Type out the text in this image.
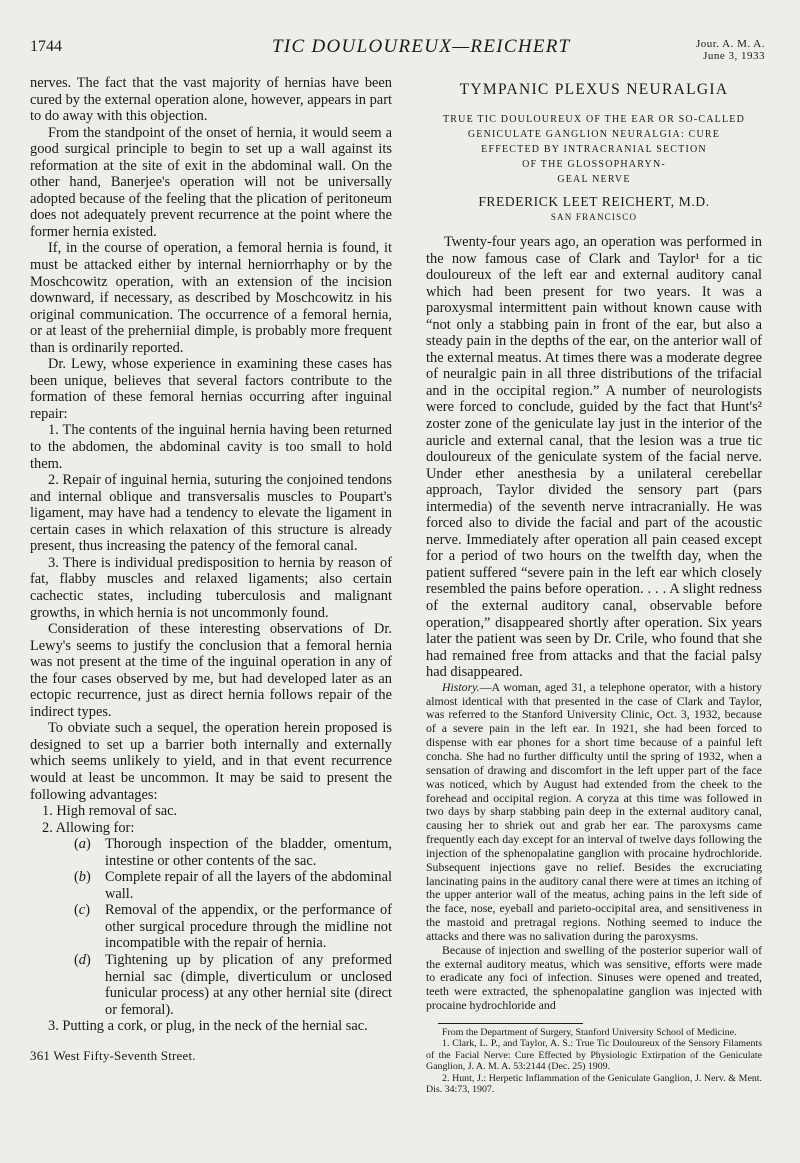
1744	TIC DOULOUREUX—REICHERT	Jour. A. M. A.
June 3, 1933

nerves. The fact that the vast majority of hernias have been cured by the external operation alone, however, appears in part to do away with this objection.

From the standpoint of the onset of hernia, it would seem a good surgical principle to begin to set up a wall against its reformation at the site of exit in the abdominal wall. On the other hand, Banerjee's operation will not be universally adopted because of the feeling that the plication of peritoneum does not adequately prevent recurrence at the point where the former hernia existed.

If, in the course of operation, a femoral hernia is found, it must be attacked either by internal herniorrhaphy or by the Moschcowitz operation, with an extension of the incision downward, if necessary, as described by Moschcowitz in his original communication. The occurrence of a femoral hernia, or at least of the preherniial dimple, is probably more frequent than is ordinarily reported.

Dr. Lewy, whose experience in examining these cases has been unique, believes that several factors contribute to the formation of these femoral hernias occurring after inguinal repair:

1. The contents of the inguinal hernia having been returned to the abdomen, the abdominal cavity is too small to hold them.

2. Repair of inguinal hernia, suturing the conjoined tendons and internal oblique and transversalis muscles to Poupart's ligament, may have had a tendency to elevate the ligament in certain cases in which relaxation of this structure is already present, thus increasing the patency of the femoral canal.

3. There is individual predisposition to hernia by reason of fat, flabby muscles and relaxed ligaments; also certain cachectic states, including tuberculosis and malignant growths, in which hernia is not uncommonly found.

Consideration of these interesting observations of Dr. Lewy's seems to justify the conclusion that a femoral hernia was not present at the time of the inguinal operation in any of the four cases observed by me, but had developed later as an ectopic recurrence, just as direct hernia follows repair of the indirect types.

To obviate such a sequel, the operation herein proposed is designed to set up a barrier both internally and externally which seems unlikely to yield, and in that event recurrence would at least be uncommon. It may be said to present the following advantages:

1. High removal of sac.

2. Allowing for:

( a ) Thorough inspection of the bladder, omentum, intestine or other contents of the sac.

( b ) Complete repair of all the layers of the abdominal wall.

( c ) Removal of the appendix, or the performance of other surgical procedure through the midline not incompatible with the repair of hernia.

( d ) Tightening up by plication of any preformed hernial sac (dimple, diverticulum or unclosed funicular process) at any other hernial site (direct or femoral).

3. Putting a cork, or plug, in the neck of the hernial sac.

361 West Fifty-Seventh Street.
TYMPANIC PLEXUS NEURALGIA
TRUE TIC DOULOUREUX OF THE EAR OR SO-CALLED
GENICULATE GANGLION NEURALGIA: CURE
EFFECTED BY INTRACRANIAL SECTION
OF THE GLOSSOPHARYN-
GEAL NERVE
FREDERICK LEET REICHERT, M.D.
SAN FRANCISCO

Twenty-four years ago, an operation was performed in the now famous case of Clark and Taylor¹ for a tic douloureux of the left ear and external auditory canal which had been present for two years. It was a paroxysmal intermittent pain without known cause with “not only a stabbing pain in front of the ear, but also a steady pain in the depths of the ear, on the anterior wall of the external meatus. At times there was a moderate degree of neuralgic pain in all three distributions of the trifacial and in the occipital region.” A number of neurologists were forced to conclude, guided by the fact that Hunt's² zoster zone of the geniculate lay just in the interior of the auricle and external canal, that the lesion was a true tic douloureux of the geniculate system of the facial nerve. Under ether anesthesia by a unilateral cerebellar approach, Taylor divided the sensory part (pars intermedia) of the seventh nerve intracranially. He was forced also to divide the facial and part of the acoustic nerve. Immediately after operation all pain ceased except for a period of two hours on the twelfth day, when the patient suffered “severe pain in the left ear which closely resembled the pains before operation. . . . A slight redness of the external auditory canal, observable before operation,” disappeared shortly after operation. Six years later the patient was seen by Dr. Crile, who found that she had remained free from attacks and that the facial palsy had disappeared.

History.—A woman, aged 31, a telephone operator, with a history almost identical with that presented in the case of Clark and Taylor, was referred to the Stanford University Clinic, Oct. 3, 1932, because of a severe pain in the left ear. In 1921, she had been forced to dispense with ear phones for a short time because of a painful left concha. She had no further difficulty until the spring of 1932, when a sensation of drawing and discomfort in the left upper part of the face was noticed, which by August had extended from the cheek to the forehead and occipital region. A coryza at this time was followed in two days by sharp stabbing pain deep in the external auditory canal, causing her to shriek out and grab her ear. The paroxysms came frequently each day except for an interval of twelve days following the injection of the sphenopalatine ganglion with procaine hydrochloride. Subsequent injections gave no relief. Besides the excruciating lancinating pains in the auditory canal there were at times an itching of the upper anterior wall of the meatus, aching pains in the left side of the face, nose, eyeball and parieto-occipital area, and sensitiveness in the mastoid and pretragal regions. Nothing seemed to induce the attacks and there was no salivation during the paroxysms.

Because of injection and swelling of the posterior superior wall of the external auditory meatus, which was sensitive, efforts were made to eradicate any foci of infection. Sinuses were opened and treated, teeth were extracted, the sphenopalatine ganglion was injected with procaine hydrochloride and

From the Department of Surgery, Stanford University School of Medicine.

1. Clark, L. P., and Taylor, A. S.: True Tic Douloureux of the Sensory Filaments of the Facial Nerve: Cure Effected by Physiologic Extirpation of the Geniculate Ganglion, J. A. M. A. 53:2144 (Dec. 25) 1909.

2. Hunt, J.: Herpetic Inflammation of the Geniculate Ganglion, J. Nerv. & Ment. Dis. 34:73, 1907.
